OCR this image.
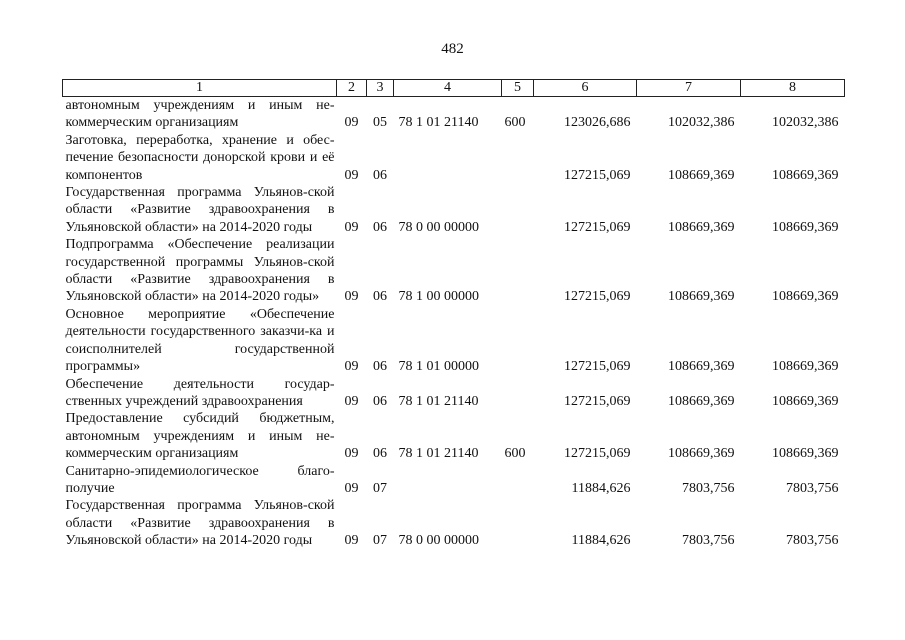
482
1	2	3	4	5	6	7	8
автономным учреждениям и иным не-коммерческим организациям	09	05	78 1 01 21140	600	123026,686	102032,386	102032,386
Заготовка, переработка, хранение и обес-печение безопасности донорской крови и её компонентов	09	06			127215,069	108669,369	108669,369
Государственная программа Ульянов-ской области «Развитие здравоохранения в Ульяновской области» на 2014-2020 годы	09	06	78 0 00 00000		127215,069	108669,369	108669,369
Подпрограмма «Обеспечение реализации государственной программы Ульянов-ской области «Развитие здравоохранения в Ульяновской области» на 2014-2020 годы»	09	06	78 1 00 00000		127215,069	108669,369	108669,369
Основное мероприятие «Обеспечение деятельности государственного заказчи-ка и соисполнителей государственной программы»	09	06	78 1 01 00000		127215,069	108669,369	108669,369
Обеспечение деятельности государ-ственных учреждений здравоохранения	09	06	78 1 01 21140		127215,069	108669,369	108669,369
Предоставление субсидий бюджетным, автономным учреждениям и иным не-коммерческим организациям	09	06	78 1 01 21140	600	127215,069	108669,369	108669,369
Санитарно-эпидемиологическое благо-получие	09	07			11884,626	7803,756	7803,756
Государственная программа Ульянов-ской области «Развитие здравоохранения в Ульяновской области» на 2014-2020 годы	09	07	78 0 00 00000		11884,626	7803,756	7803,756
